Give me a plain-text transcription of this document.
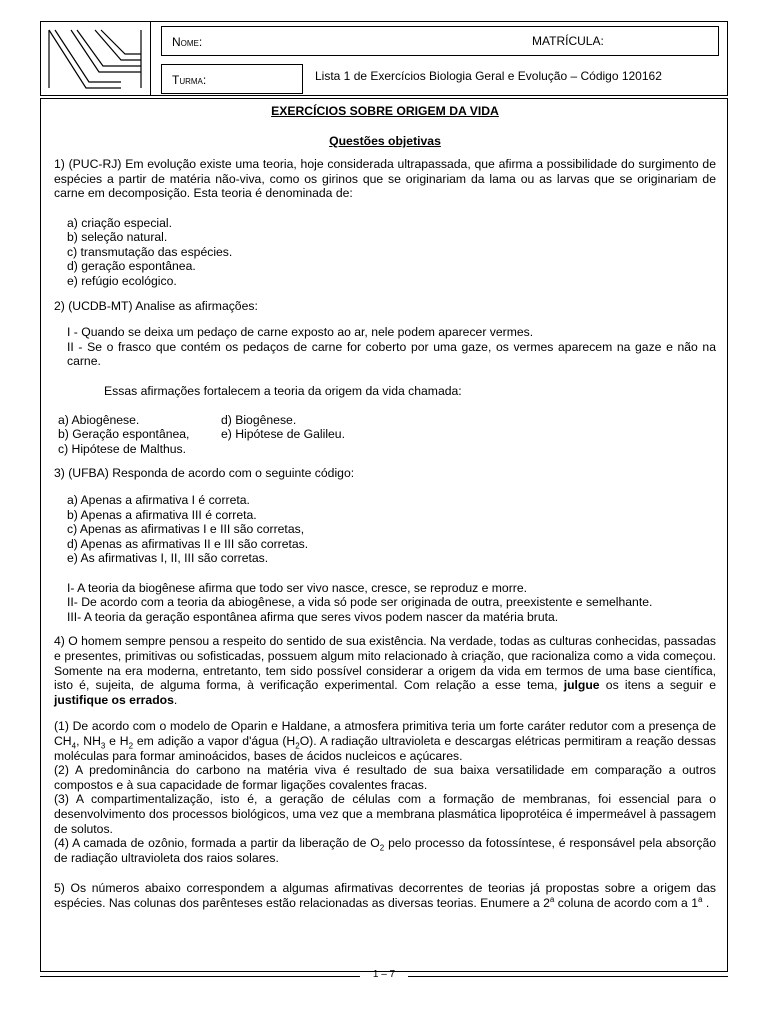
Nome:	MATRÍCULA:
Turma:	Lista 1 de Exercícios Biologia Geral e Evolução – Código 120162

EXERCÍCIOS SOBRE ORIGEM DA VIDA

Questões objetivas

1) (PUC-RJ) Em evolução existe uma teoria, hoje considerada ultrapassada, que afirma a possibilidade do surgimento de espécies a partir de matéria não-viva, como os girinos que se originariam da lama ou as larvas que se originariam de carne em decomposição. Esta teoria é denominada de:

a) criação especial.

b) seleção natural.

c) transmutação das espécies.

d) geração espontânea.

e) refúgio ecológico.

2) (UCDB-MT) Analise as afirmações:

I - Quando se deixa um pedaço de carne exposto ao ar, nele podem aparecer vermes.

II - Se o frasco que contém os pedaços de carne for coberto por uma gaze, os vermes aparecem na gaze e não na carne.

Essas afirmações fortalecem a teoria da origem da vida chamada:

a) Abiogênese.

b) Geração espontânea,

c) Hipótese de Malthus.

d) Biogênese.

e) Hipótese de Galileu.

3) (UFBA) Responda de acordo com o seguinte código:

a) Apenas a afirmativa I é correta.

b) Apenas a afirmativa III é correta.

c) Apenas as afirmativas I e III são corretas,

d) Apenas as afirmativas II e III são corretas.

e) As afirmativas I, II, III são corretas.

I- A teoria da biogênese afirma que todo ser vivo nasce, cresce, se reproduz e morre.

II- De acordo com a teoria da abiogênese, a vida só pode ser originada de outra, preexistente e semelhante.

III- A teoria da geração espontânea afirma que seres vivos podem nascer da matéria bruta.

4) O homem sempre pensou a respeito do sentido de sua existência. Na verdade, todas as culturas conhecidas, passadas e presentes, primitivas ou sofisticadas, possuem algum mito relacionado à criação, que racionaliza como a vida começou. Somente na era moderna, entretanto, tem sido possível considerar a origem da vida em termos de uma base científica, isto é, sujeita, de alguma forma, à verificação experimental. Com relação a esse tema, julgue os itens a seguir e justifique os errados.

(1) De acordo com o modelo de Oparin e Haldane, a atmosfera primitiva teria um forte caráter redutor com a presença de $CH_4$, $NH_3$ e $H_2$ em adição a vapor d'água $(H_2O)$. A radiação ultravioleta e descargas elétricas permitiram a reação dessas moléculas para formar aminoácidos, bases de ácidos nucleicos e açúcares.

(2) A predominância do carbono na matéria viva é resultado de sua baixa versatilidade em comparação a outros compostos e à sua capacidade de formar ligações covalentes fracas.

(3) A compartimentalização, isto é, a geração de células com a formação de membranas, foi essencial para o desenvolvimento dos processos biológicos, uma vez que a membrana plasmática lipoprotéica é impermeável à passagem de solutos.

(4) A camada de ozônio, formada a partir da liberação de $O_2$ pelo processo da fotossíntese, é responsável pela absorção de radiação ultravioleta dos raios solares.

5) Os números abaixo correspondem a algumas afirmativas decorrentes de teorias já propostas sobre a origem das espécies. Nas colunas dos parênteses estão relacionadas as diversas teorias. Enumere a 2$^a$ coluna de acordo com a 1$^a$ .

1 – 7
